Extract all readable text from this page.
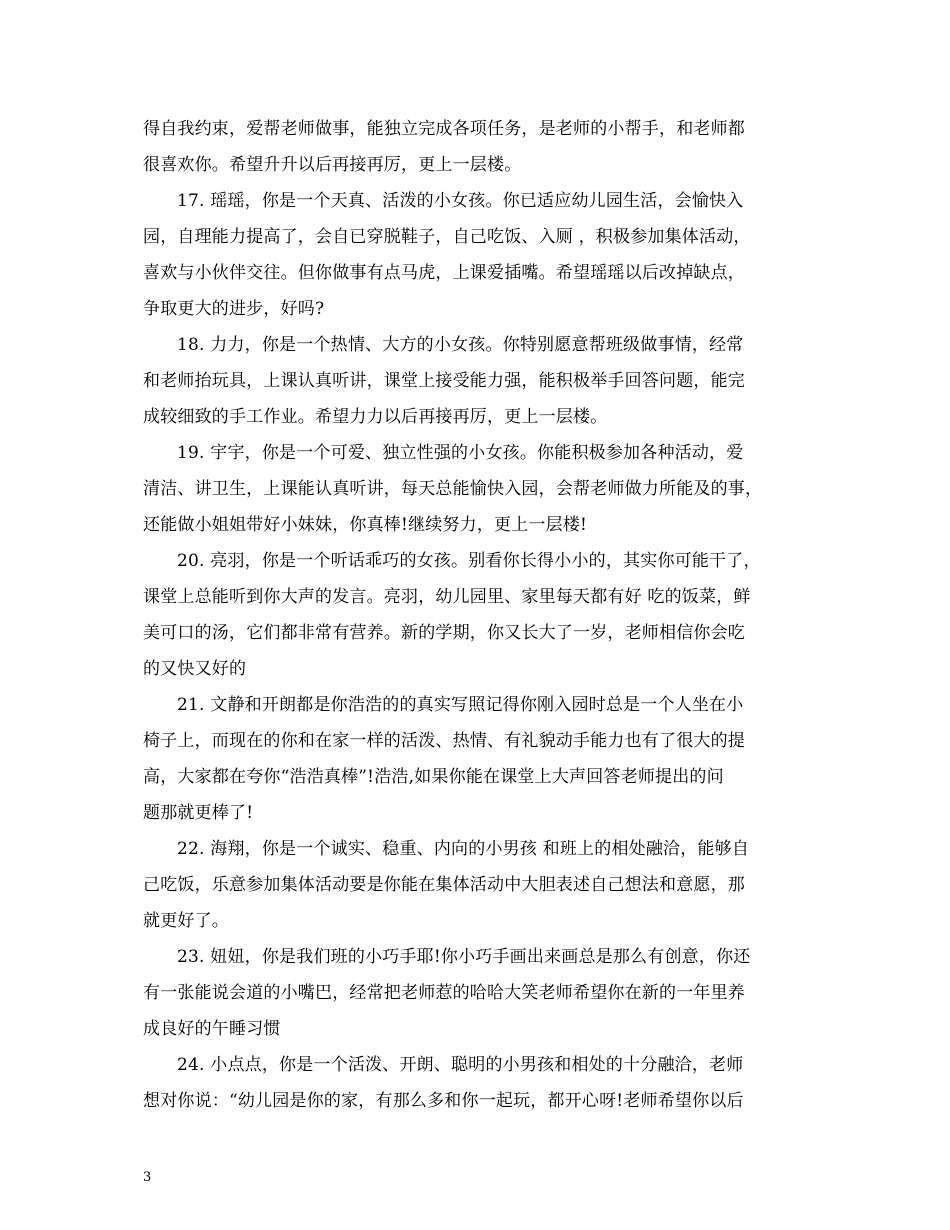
得自我约束，爱帮老师做事，能独立完成各项任务，是老师的小帮手，和老师都
很喜欢你。希望升升以后再接再厉，更上一层楼。
17. 瑶瑶，你是一个天真、活泼的小女孩。你已适应幼儿园生活，会愉快入
园，自理能力提高了，会自已穿脱鞋子，自己吃饭、入厕 ，积极参加集体活动，
喜欢与小伙伴交往。但你做事有点马虎，上课爱插嘴。希望瑶瑶以后改掉缺点，
争取更大的进步，好吗?
18. 力力，你是一个热情、大方的小女孩。你特别愿意帮班级做事情，经常
和老师抬玩具，上课认真听讲，课堂上接受能力强，能积极举手回答问题，能完
成较细致的手工作业。希望力力以后再接再厉，更上一层楼。
19. 宇宇，你是一个可爱、独立性强的小女孩。你能积极参加各种活动，爱
清洁、讲卫生，上课能认真听讲，每天总能愉快入园，会帮老师做力所能及的事，
还能做小姐姐带好小妹妹，你真棒!继续努力，更上一层楼!
20. 亮羽，你是一个听话乖巧的女孩。别看你长得小小的，其实你可能干了，
课堂上总能听到你大声的发言。亮羽，幼儿园里、家里每天都有好 吃的饭菜，鲜
美可口的汤，它们都非常有营养。新的学期，你又长大了一岁，老师相信你会吃
的又快又好的
21. 文静和开朗都是你浩浩的的真实写照记得你刚入园时总是一个人坐在小
椅子上，而现在的你和在家一样的活泼、热情、有礼貌动手能力也有了很大的提
高，大家都在夸你“浩浩真棒”!浩浩,如果你能在课堂上大声回答老师提出的问
题那就更棒了!
22. 海翔，你是一个诚实、稳重、内向的小男孩 和班上的相处融洽，能够自
己吃饭，乐意参加集体活动要是你能在集体活动中大胆表述自己想法和意愿，那
就更好了。
23. 妞妞，你是我们班的小巧手耶!你小巧手画出来画总是那么有创意，你还
有一张能说会道的小嘴巴，经常把老师惹的哈哈大笑老师希望你在新的一年里养
成良好的午睡习惯
24. 小点点，你是一个活泼、开朗、聪明的小男孩和相处的十分融洽，老师
想对你说：“幼儿园是你的家，有那么多和你一起玩，都开心呀!老师希望你以后
3
